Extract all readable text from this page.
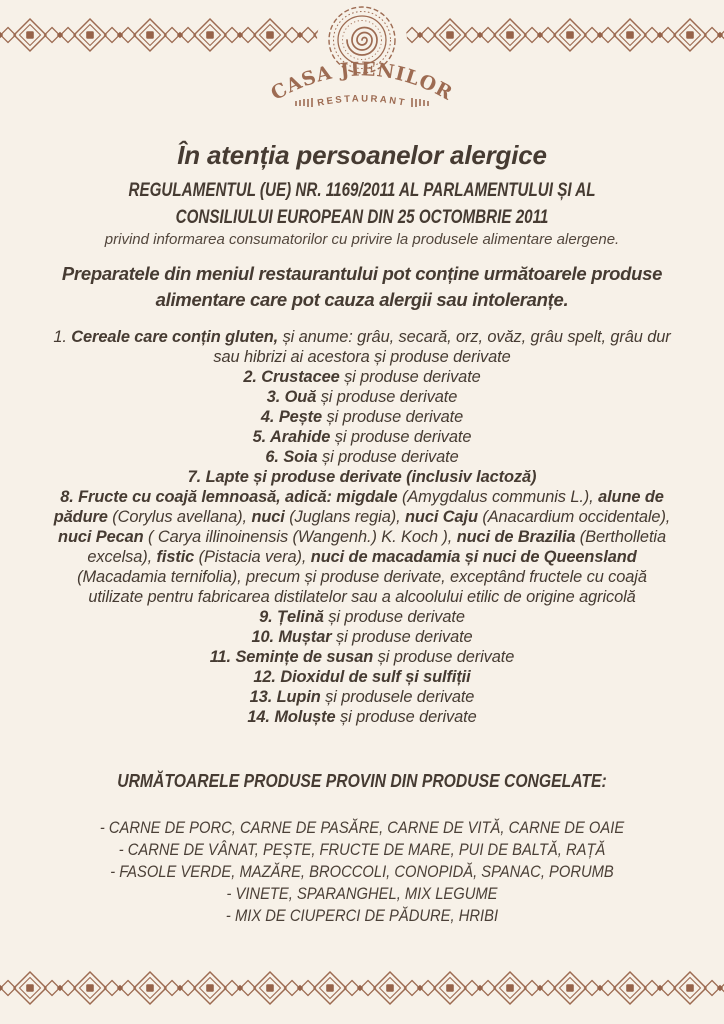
CASA JIENILOR
RESTAURANT
În atenția persoanelor alergice
REGULAMENTUL (UE) NR. 1169/2011 AL PARLAMENTULUI ȘI AL
CONSILIULUI EUROPEAN DIN 25 OCTOMBRIE 2011
privind informarea consumatorilor cu privire la produsele alimentare alergene.

Preparatele din meniul restaurantului pot conține următoarele produse alimentare care pot cauza alergii sau intoleranțe.

1. Cereale care conțin gluten, și anume: grâu, secară, orz, ovăz, grâu spelt, grâu dur sau hibrizi ai acestora și produse derivate

2. Crustacee și produse derivate

3. Ouă și produse derivate

4. Pește și produse derivate

5. Arahide și produse derivate

6. Soia și produse derivate

7. Lapte și produse derivate (inclusiv lactoză)

8. Fructe cu coajă lemnoasă, adică: migdale (Amygdalus communis L.), alune de pădure (Corylus avellana), nuci (Juglans regia), nuci Caju (Anacardium occidentale), nuci Pecan ( Carya illinoinensis (Wangenh.) K. Koch ), nuci de Brazilia (Bertholletia excelsa), fistic (Pistacia vera), nuci de macadamia și nuci de Queensland (Macadamia ternifolia), precum și produse derivate, exceptând fructele cu coajă utilizate pentru fabricarea distilatelor sau a alcoolului etilic de origine agricolă

9. Țelină și produse derivate

10. Muștar și produse derivate

11. Semințe de susan și produse derivate

12. Dioxidul de sulf și sulfiții

13. Lupin și produsele derivate

14. Moluște și produse derivate

URMĂTOARELE PRODUSE PROVIN DIN PRODUSE CONGELATE:

- CARNE DE PORC, CARNE DE PASĂRE, CARNE DE VITĂ, CARNE DE OAIE

- CARNE DE VÂNAT, PEȘTE, FRUCTE DE MARE, PUI DE BALTĂ, RAȚĂ

- FASOLE VERDE, MAZĂRE, BROCCOLI, CONOPIDĂ, SPANAC, PORUMB

- VINETE, SPARANGHEL, MIX LEGUME

- MIX DE CIUPERCI DE PĂDURE, HRIBI
